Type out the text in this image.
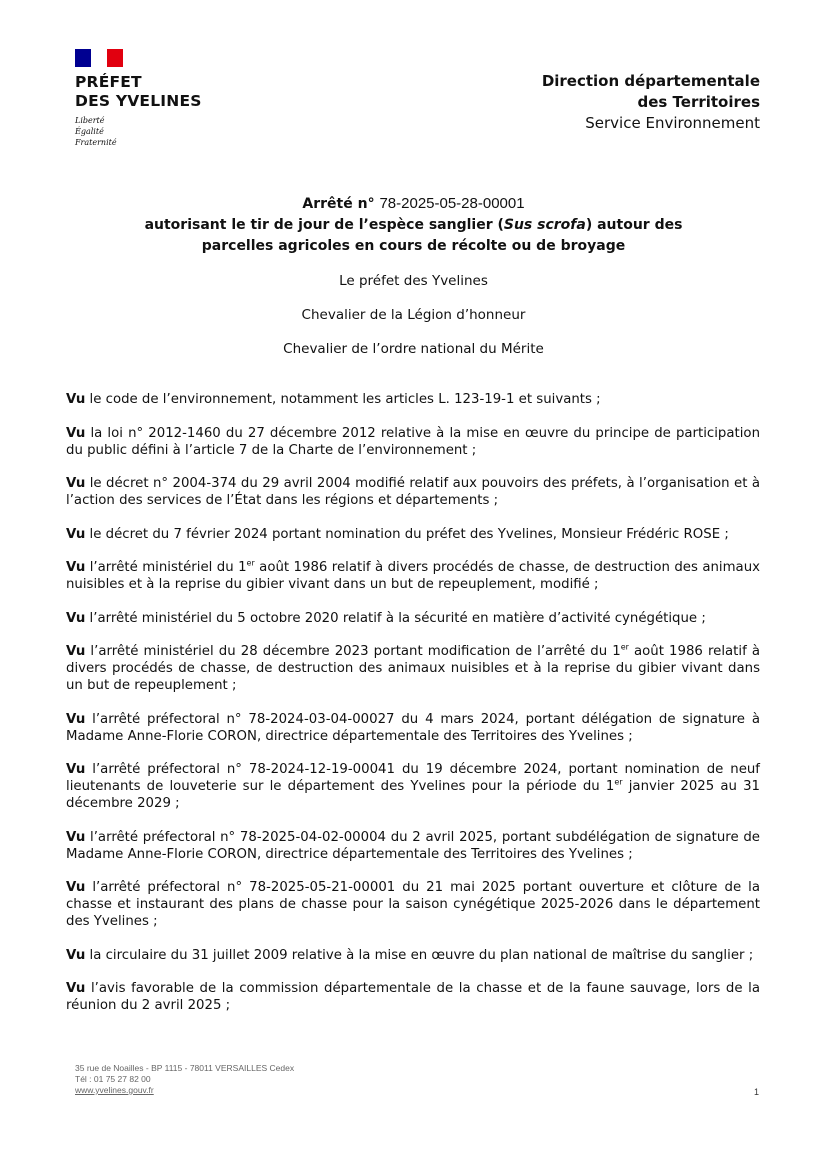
PRÉFET
DES YVELINES
Liberté
Égalité
Fraternité
Direction départementale
des Territoires
Service Environnement
Arrêté n° 78-2025-05-28-00001
autorisant le tir de jour de l’espèce sanglier (Sus scrofa) autour des
parcelles agricoles en cours de récolte ou de broyage
Le préfet des Yvelines
Chevalier de la Légion d’honneur
Chevalier de l’ordre national du Mérite

Vu le code de l’environnement, notamment les articles L. 123-19-1 et suivants ;

Vu la loi n° 2012-1460 du 27 décembre 2012 relative à la mise en œuvre du principe de participation du public défini à l’article 7 de la Charte de l’environnement ;

Vu le décret n° 2004-374 du 29 avril 2004 modifié relatif aux pouvoirs des préfets, à l’organisation et à l’action des services de l’État dans les régions et départements ;

Vu le décret du 7 février 2024 portant nomination du préfet des Yvelines, Monsieur Frédéric ROSE ;

Vu l’arrêté ministériel du 1er août 1986 relatif à divers procédés de chasse, de destruction des animaux nuisibles et à la reprise du gibier vivant dans un but de repeuplement, modifié ;

Vu l’arrêté ministériel du 5 octobre 2020 relatif à la sécurité en matière d’activité cynégétique ;

Vu l’arrêté ministériel du 28 décembre 2023 portant modification de l’arrêté du 1er août 1986 relatif à divers procédés de chasse, de destruction des animaux nuisibles et à la reprise du gibier vivant dans un but de repeuplement ;

Vu l’arrêté préfectoral n° 78-2024-03-04-00027 du 4 mars 2024, portant délégation de signature à Madame Anne-Florie CORON, directrice départementale des Territoires des Yvelines ;

Vu l’arrêté préfectoral n° 78-2024-12-19-00041 du 19 décembre 2024, portant nomination de neuf lieutenants de louveterie sur le département des Yvelines pour la période du 1er janvier 2025 au 31 décembre 2029 ;

Vu l’arrêté préfectoral n° 78-2025-04-02-00004 du 2 avril 2025, portant subdélégation de signature de Madame Anne-Florie CORON, directrice départementale des Territoires des Yvelines ;

Vu l’arrêté préfectoral n° 78-2025-05-21-00001 du 21 mai 2025 portant ouverture et clôture de la chasse et instaurant des plans de chasse pour la saison cynégétique 2025-2026 dans le département des Yvelines ;

Vu la circulaire du 31 juillet 2009 relative à la mise en œuvre du plan national de maîtrise du sanglier ;

Vu l’avis favorable de la commission départementale de la chasse et de la faune sauvage, lors de la réunion du 2 avril 2025 ;

35 rue de Noailles - BP 1115 - 78011 VERSAILLES Cedex
Tél : 01 75 27 82 00
www.yvelines.gouv.fr	1
